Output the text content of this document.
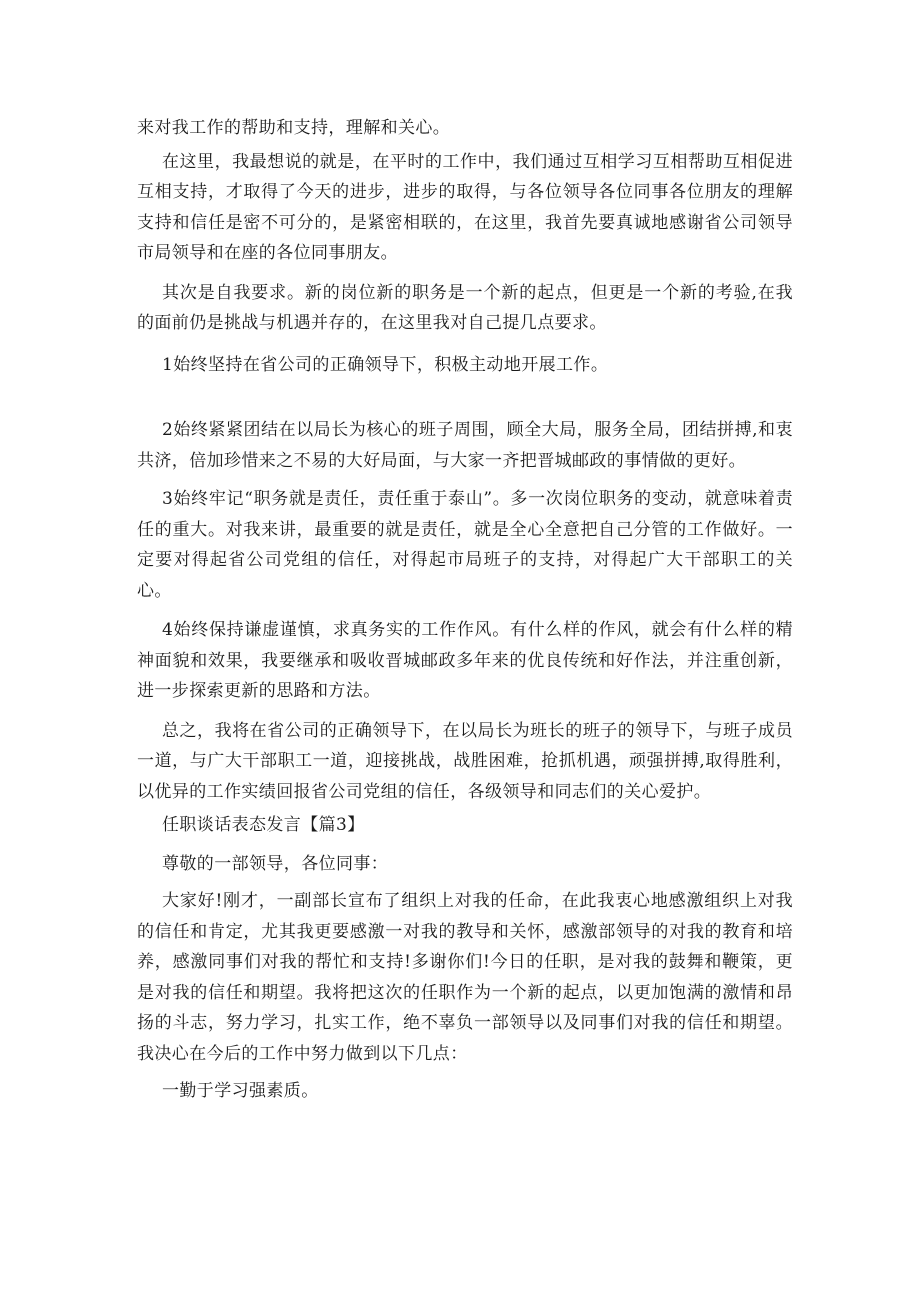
来对我工作的帮助和支持，理解和关心。

在这里，我最想说的就是，在平时的工作中，我们通过互相学习互相帮助互相促进互相支持，才取得了今天的进步，进步的取得，与各位领导各位同事各位朋友的理解支持和信任是密不可分的，是紧密相联的，在这里，我首先要真诚地感谢省公司领导市局领导和在座的各位同事朋友。

其次是自我要求。新的岗位新的职务是一个新的起点，但更是一个新的考验,在我的面前仍是挑战与机遇并存的，在这里我对自己提几点要求。

1始终坚持在省公司的正确领导下，积极主动地开展工作。

2始终紧紧团结在以局长为核心的班子周围，顾全大局，服务全局，团结拼搏,和衷共济，倍加珍惜来之不易的大好局面，与大家一齐把晋城邮政的事情做的更好。

3始终牢记“职务就是责任，责任重于泰山”。多一次岗位职务的变动，就意味着责任的重大。对我来讲，最重要的就是责任，就是全心全意把自己分管的工作做好。一定要对得起省公司党组的信任，对得起市局班子的支持，对得起广大干部职工的关心。

4始终保持谦虚谨慎，求真务实的工作作风。有什么样的作风，就会有什么样的精神面貌和效果，我要继承和吸收晋城邮政多年来的优良传统和好作法，并注重创新，进一步探索更新的思路和方法。

总之，我将在省公司的正确领导下，在以局长为班长的班子的领导下，与班子成员一道，与广大干部职工一道，迎接挑战，战胜困难，抢抓机遇，顽强拼搏,取得胜利，以优异的工作实绩回报省公司党组的信任，各级领导和同志们的关心爱护。

任职谈话表态发言【篇3】

尊敬的一部领导，各位同事：

大家好!刚才，一副部长宣布了组织上对我的任命，在此我衷心地感激组织上对我的信任和肯定，尤其我更要感激一对我的教导和关怀，感激部领导的对我的教育和培养，感激同事们对我的帮忙和支持!多谢你们!今日的任职，是对我的鼓舞和鞭策，更是对我的信任和期望。我将把这次的任职作为一个新的起点，以更加饱满的激情和昂扬的斗志，努力学习，扎实工作，绝不辜负一部领导以及同事们对我的信任和期望。我决心在今后的工作中努力做到以下几点：

一勤于学习强素质。
